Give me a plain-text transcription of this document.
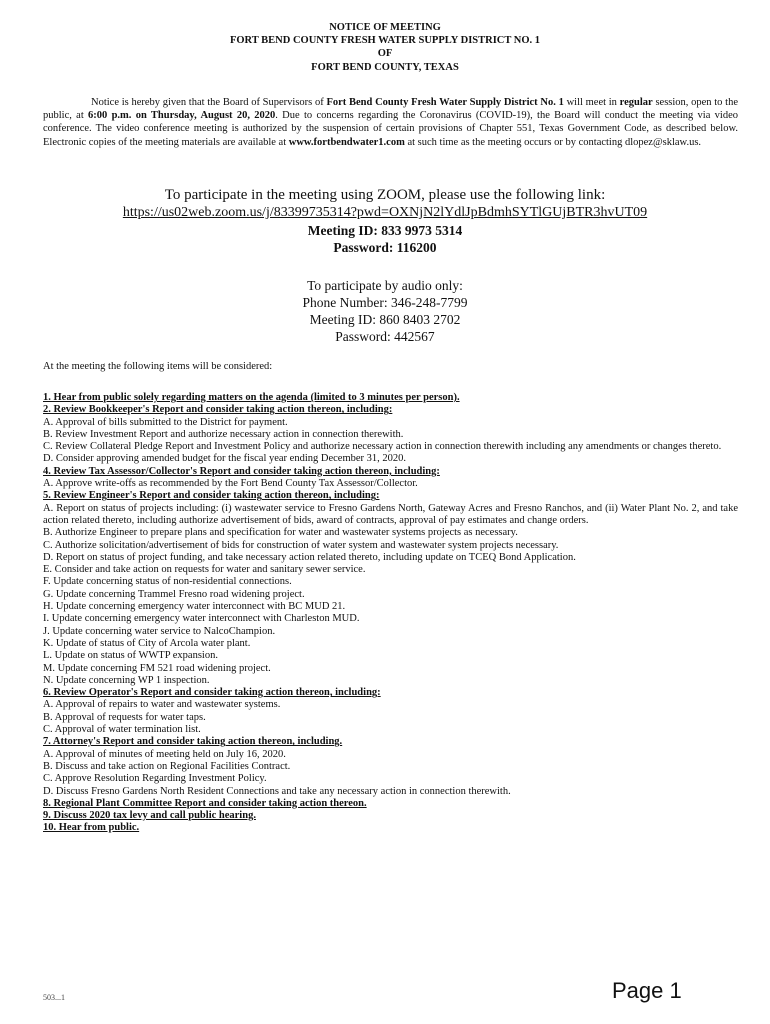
NOTICE OF MEETING
FORT BEND COUNTY FRESH WATER SUPPLY DISTRICT NO. 1
OF
FORT BEND COUNTY, TEXAS
Notice is hereby given that the Board of Supervisors of Fort Bend County Fresh Water Supply District No. 1 will meet in regular session, open to the public, at 6:00 p.m. on Thursday, August 20, 2020. Due to concerns regarding the Coronavirus (COVID-19), the Board will conduct the meeting via video conference. The video conference meeting is authorized by the suspension of certain provisions of Chapter 551, Texas Government Code, as described below. Electronic copies of the meeting materials are available at www.fortbendwater1.com at such time as the meeting occurs or by contacting dlopez@sklaw.us.
To participate in the meeting using ZOOM, please use the following link:
https://us02web.zoom.us/j/83399735314?pwd=OXNjN2lYdlJpBdmhSYTlGUjBTR3hvUT09
Meeting ID: 833 9973 5314
Password: 116200
To participate by audio only:
Phone Number: 346-248-7799
Meeting ID: 860 8403 2702
Password: 442567
At the meeting the following items will be considered:
1. Hear from public solely regarding matters on the agenda (limited to 3 minutes per person).
2. Review Bookkeeper's Report and consider taking action thereon, including:
A. Approval of bills submitted to the District for payment.
B. Review Investment Report and authorize necessary action in connection therewith.
C. Review Collateral Pledge Report and Investment Policy and authorize necessary action in connection therewith including any amendments or changes thereto.
D. Consider approving amended budget for the fiscal year ending December 31, 2020.
4. Review Tax Assessor/Collector's Report and consider taking action thereon, including:
A. Approve write-offs as recommended by the Fort Bend County Tax Assessor/Collector.
5. Review Engineer's Report and consider taking action thereon, including:
A. Report on status of projects including: (i) wastewater service to Fresno Gardens North, Gateway Acres and Fresno Ranchos, and (ii) Water Plant No. 2, and take action related thereto, including authorize advertisement of bids, award of contracts, approval of pay estimates and change orders.
B. Authorize Engineer to prepare plans and specification for water and wastewater systems projects as necessary.
C. Authorize solicitation/advertisement of bids for construction of water system and wastewater system projects necessary.
D. Report on status of project funding, and take necessary action related thereto, including update on TCEQ Bond Application.
E. Consider and take action on requests for water and sanitary sewer service.
F. Update concerning status of non-residential connections.
G. Update concerning Trammel Fresno road widening project.
H. Update concerning emergency water interconnect with BC MUD 21.
I. Update concerning emergency water interconnect with Charleston MUD.
J. Update concerning water service to NalcoChampion.
K. Update of status of City of Arcola water plant.
L. Update on status of WWTP expansion.
M. Update concerning FM 521 road widening project.
N. Update concerning WP 1 inspection.
6. Review Operator's Report and consider taking action thereon, including:
A. Approval of repairs to water and wastewater systems.
B. Approval of requests for water taps.
C. Approval of water termination list.
7. Attorney's Report and consider taking action thereon, including.
A. Approval of minutes of meeting held on July 16, 2020.
B. Discuss and take action on Regional Facilities Contract.
C. Approve Resolution Regarding Investment Policy.
D. Discuss Fresno Gardens North Resident Connections and take any necessary action in connection therewith.
8. Regional Plant Committee Report and consider taking action thereon.
9. Discuss 2020 tax levy and call public hearing.
10. Hear from public.
503...1	Page 1
